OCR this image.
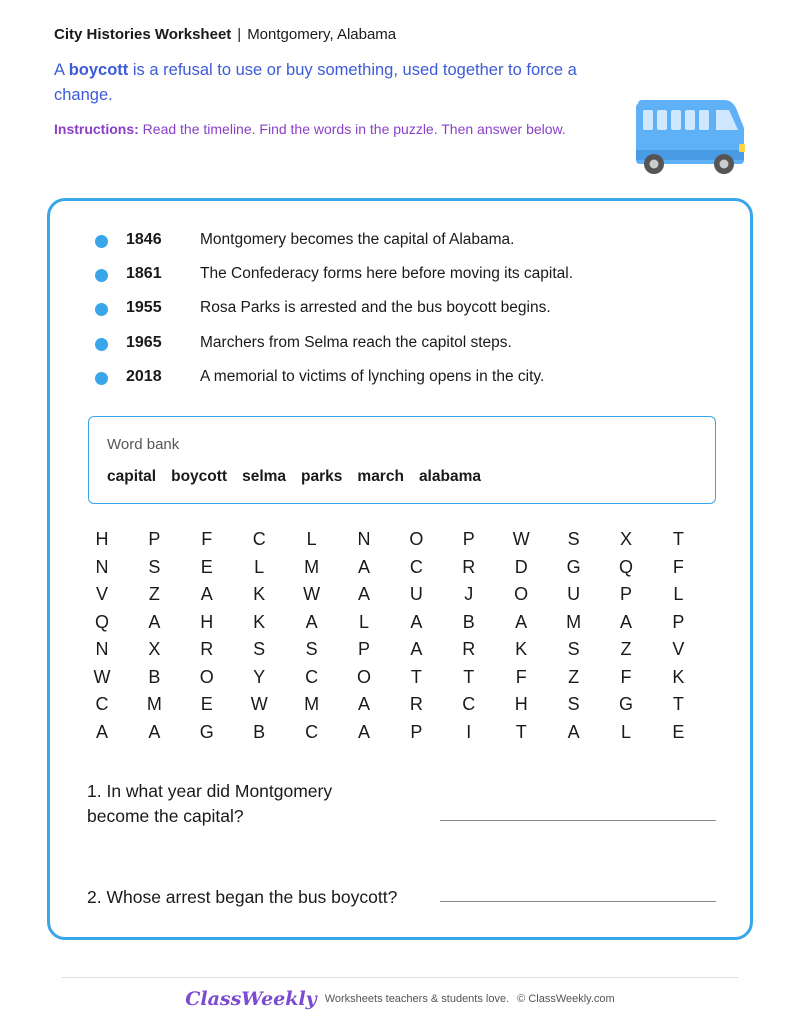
City Histories Worksheet | Montgomery, Alabama
A boycott is a refusal to use or buy something, used together to force a change.
Instructions: Read the timeline. Find the words in the puzzle. Then answer below.
1846 Montgomery becomes the capital of Alabama.
1861 The Confederacy forms here before moving its capital.
1955 Rosa Parks is arrested and the bus boycott begins.
1965 Marchers from Selma reach the capitol steps.
2018 A memorial to victims of lynching opens in the city.
Word bank
capital boycott selma parks march alabama
H	P	F	C	L	N	O	P	W	S	X	T
N	S	E	L	M	A	C	R	D	G	Q	F
V	Z	A	K	W	A	U	J	O	U	P	L
Q	A	H	K	A	L	A	B	A	M	A	P
N	X	R	S	S	P	A	R	K	S	Z	V
W	B	O	Y	C	O	T	T	F	Z	F	K
C	M	E	W	M	A	R	C	H	S	G	T
A	A	G	B	C	A	P	I	T	A	L	E
1. In what year did Montgomery become the capital?
2. Whose arrest began the bus boycott?
ClassWeekly Worksheets teachers & students love. © ClassWeekly.com
